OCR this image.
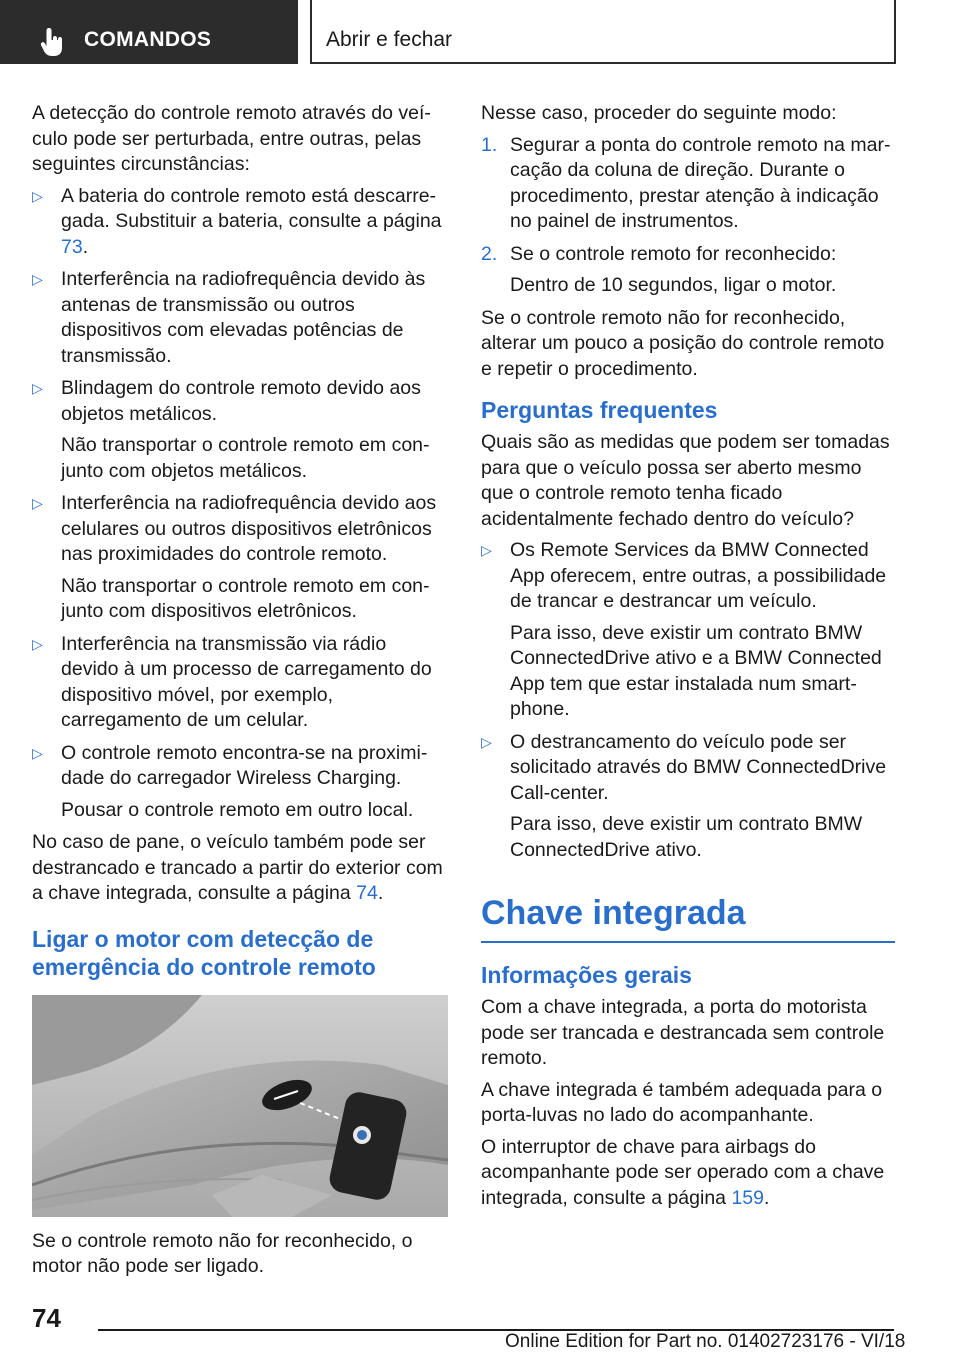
COMANDOS	Abrir e fechar

A detecção do controle remoto através do veículo pode ser perturbada, entre outras, pelas seguintes circunstâncias:

▷ A bateria do controle remoto está descarregada. Substituir a bateria, consulte a página 73.
▷ Interferência na radiofrequência devido às antenas de transmissão ou outros dispositivos com elevadas potências de transmissão.
▷ Blindagem do controle remoto devido aos objetos metálicos.

Não transportar o controle remoto em conjunto com objetos metálicos.

▷ Interferência na radiofrequência devido aos celulares ou outros dispositivos eletrônicos nas proximidades do controle remoto.

Não transportar o controle remoto em conjunto com dispositivos eletrônicos.

▷ Interferência na transmissão via rádio devido à um processo de carregamento do dispositivo móvel, por exemplo, carregamento de um celular.
▷ O controle remoto encontra-se na proximidade do carregador Wireless Charging.

Pousar o controle remoto em outro local.

No caso de pane, o veículo também pode ser destrancado e trancado a partir do exterior com a chave integrada, consulte a página 74.

Ligar o motor com detecção de emergência do controle remoto

Se o controle remoto não for reconhecido, o motor não pode ser ligado.

Nesse caso, proceder do seguinte modo:

1. Segurar a ponta do controle remoto na marcação da coluna de direção. Durante o procedimento, prestar atenção à indicação no painel de instrumentos.
2. Se o controle remoto for reconhecido:

Dentro de 10 segundos, ligar o motor.

Se o controle remoto não for reconhecido, alterar um pouco a posição do controle remoto e repetir o procedimento.

Perguntas frequentes

Quais são as medidas que podem ser tomadas para que o veículo possa ser aberto mesmo que o controle remoto tenha ficado acidentalmente fechado dentro do veículo?

▷ Os Remote Services da BMW Connected App oferecem, entre outras, a possibilidade de trancar e destrancar um veículo.

Para isso, deve existir um contrato BMW ConnectedDrive ativo e a BMW Connected App tem que estar instalada num smartphone.

▷ O destrancamento do veículo pode ser solicitado através do BMW ConnectedDrive Call-center.

Para isso, deve existir um contrato BMW ConnectedDrive ativo.

Chave integrada
Informações gerais

Com a chave integrada, a porta do motorista pode ser trancada e destrancada sem controle remoto.

A chave integrada é também adequada para o porta-luvas no lado do acompanhante.

O interruptor de chave para airbags do acompanhante pode ser operado com a chave integrada, consulte a página 159.

74
Online Edition for Part no. 01402723176 - VI/18
